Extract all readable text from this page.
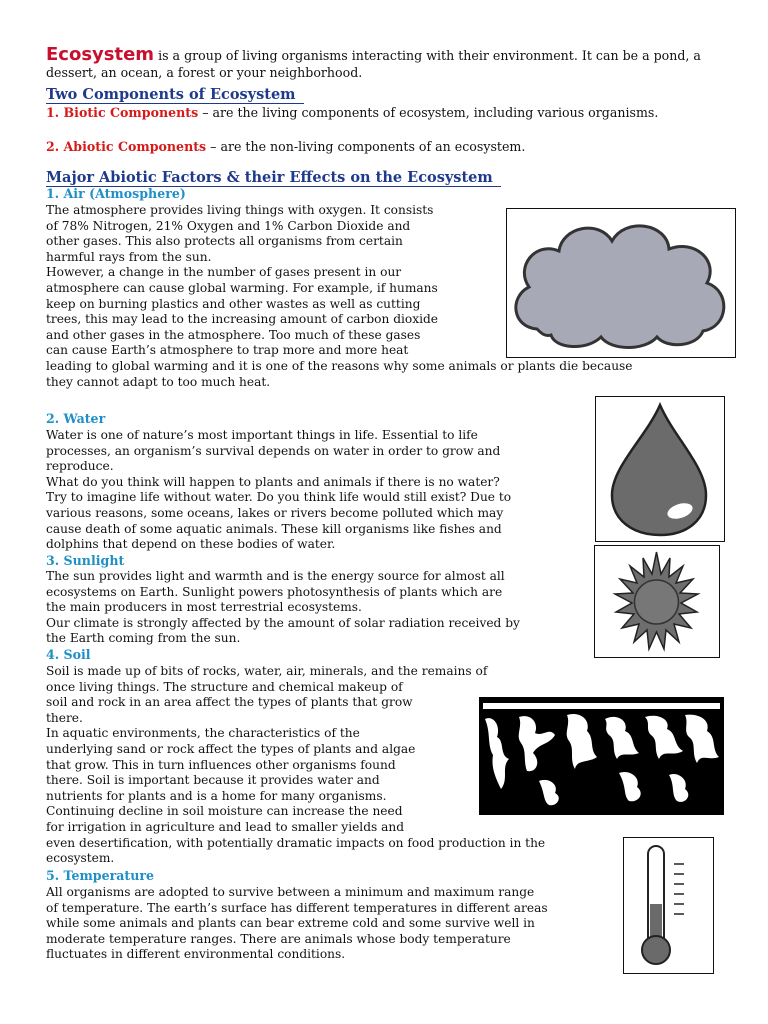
Ecosystem is a group of living organisms interacting with their environment. It can be a pond, a dessert, an ocean, a forest or your neighborhood.
Two Components of Ecosystem
1. Biotic Components – are the living components of ecosystem, including various organisms.
2. Abiotic Components – are the non-living components of an ecosystem.
Major Abiotic Factors & their Effects on the Ecosystem
1. Air (Atmosphere)
The atmosphere provides living things with oxygen. It consists
of 78% Nitrogen, 21% Oxygen and 1% Carbon Dioxide and
other gases. This also protects all organisms from certain
harmful rays from the sun.
However, a change in the number of gases present in our
atmosphere can cause global warming. For example, if humans
keep on burning plastics and other wastes as well as cutting
trees, this may lead to the increasing amount of carbon dioxide
and other gases in the atmosphere. Too much of these gases
can cause Earth’s atmosphere to trap more and more heat
leading to global warming and it is one of the reasons why some animals or plants die because
they cannot adapt to too much heat.
2. Water
Water is one of nature’s most important things in life. Essential to life
processes, an organism’s survival depends on water in order to grow and
reproduce.
What do you think will happen to plants and animals if there is no water?
Try to imagine life without water. Do you think life would still exist? Due to
various reasons, some oceans, lakes or rivers become polluted which may
cause death of some aquatic animals. These kill organisms like fishes and
dolphins that depend on these bodies of water.
3. Sunlight
The sun provides light and warmth and is the energy source for almost all
ecosystems on Earth. Sunlight powers photosynthesis of plants which are
the main producers in most terrestrial ecosystems.
Our climate is strongly affected by the amount of solar radiation received by
the Earth coming from the sun.
4. Soil
Soil is made up of bits of rocks, water, air, minerals, and the remains of
once living things. The structure and chemical makeup of
soil and rock in an area affect the types of plants that grow
there.
In aquatic environments, the characteristics of the
underlying sand or rock affect the types of plants and algae
that grow. This in turn influences other organisms found
there. Soil is important because it provides water and
nutrients for plants and is a home for many organisms.
Continuing decline in soil moisture can increase the need
for irrigation in agriculture and lead to smaller yields and
even desertification, with potentially dramatic impacts on food production in the
ecosystem.
5. Temperature
All organisms are adopted to survive between a minimum and maximum range
of temperature. The earth’s surface has different temperatures in different areas
while some animals and plants can bear extreme cold and some survive well in
moderate temperature ranges. There are animals whose body temperature
fluctuates in different environmental conditions.
